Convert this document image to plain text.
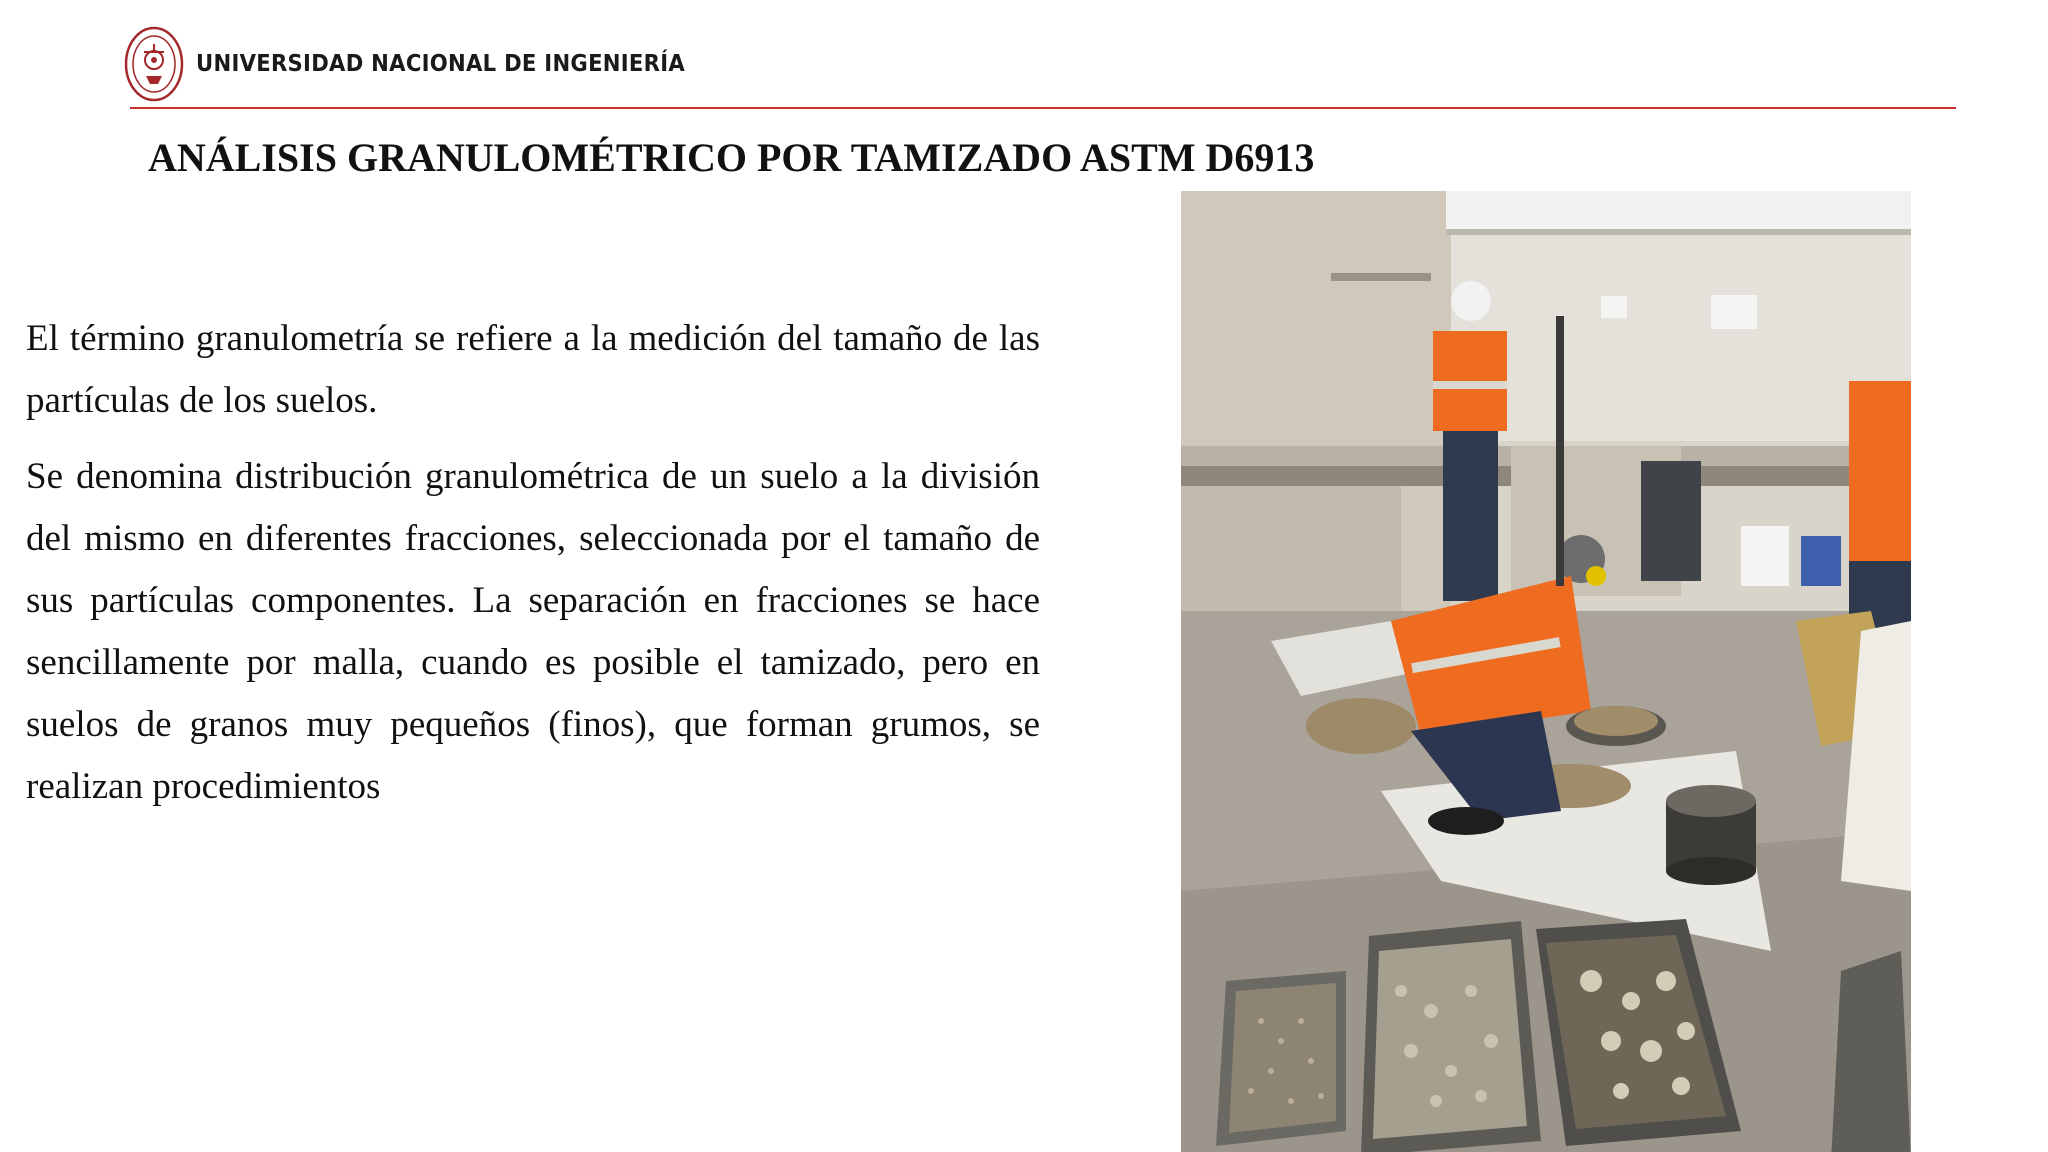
UNIVERSIDAD NACIONAL DE INGENIERÍA
ANÁLISIS GRANULOMÉTRICO POR TAMIZADO ASTM D6913

El término granulometría se refiere a la medición del tamaño de las partículas de los suelos.

Se denomina distribución granulométrica de un suelo a la división del mismo en diferentes fracciones, seleccionada por el tamaño de sus partículas componentes. La separación en fracciones se hace sencillamente por malla, cuando es posible el tamizado, pero en suelos de granos muy pequeños (finos), que forman grumos, se realizan procedimientos
